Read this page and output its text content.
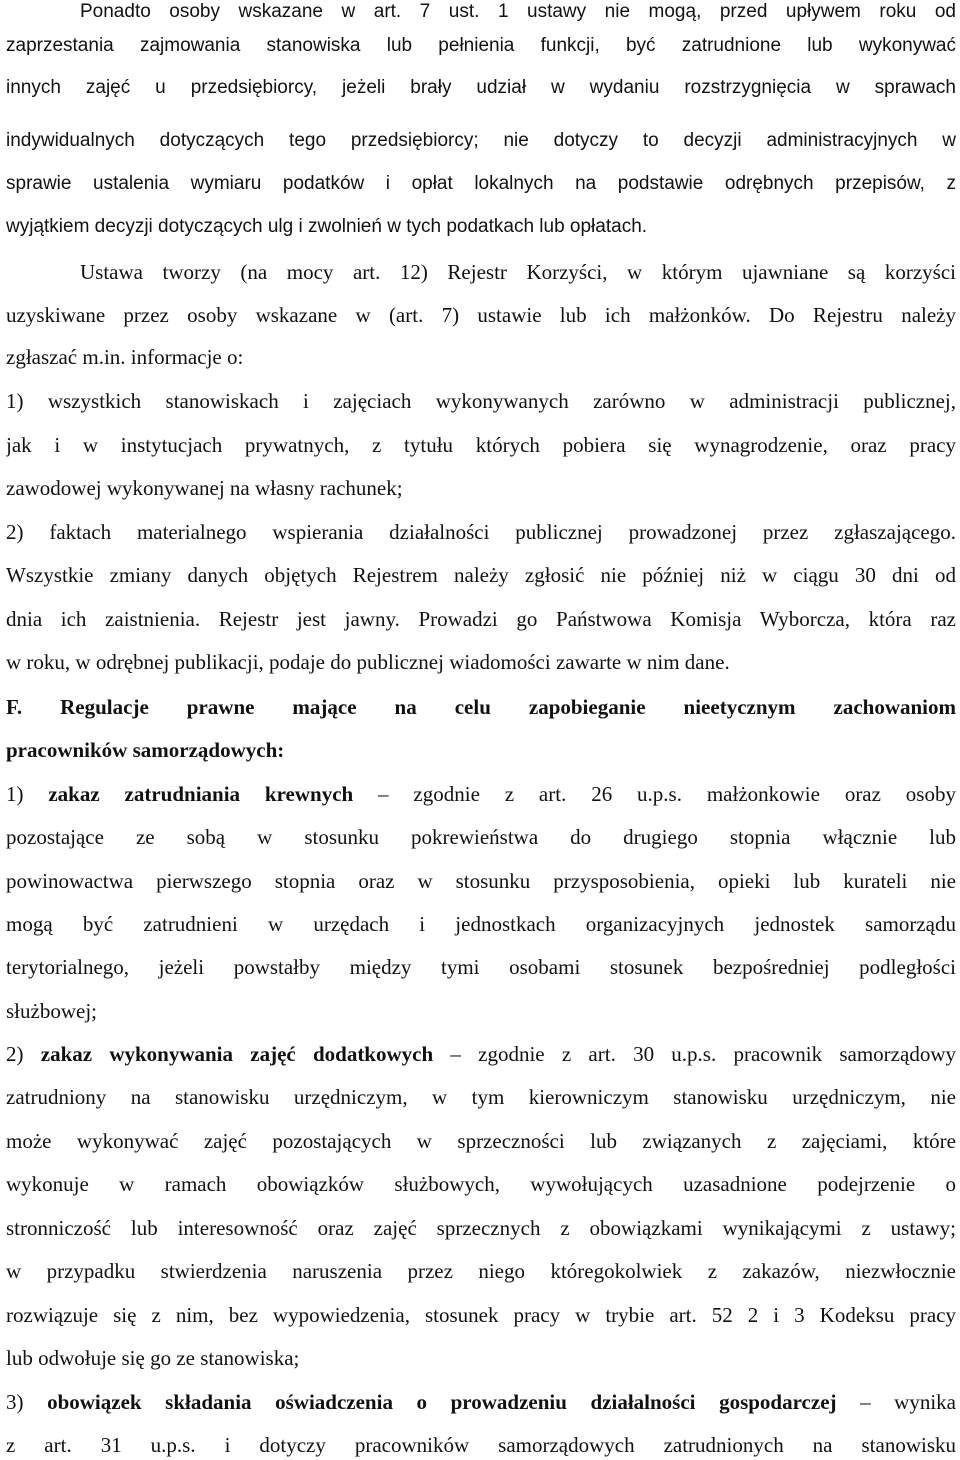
Ponadto osoby wskazane w art. 7 ust. 1 ustawy nie mogą, przed upływem roku od
zaprzestania zajmowania stanowiska lub pełnienia funkcji, być zatrudnione lub wykonywać
innych zajęć u przedsiębiorcy, jeżeli brały udział w wydaniu rozstrzygnięcia w sprawach
indywidualnych dotyczących tego przedsiębiorcy; nie dotyczy to decyzji administracyjnych w
sprawie ustalenia wymiaru podatków i opłat lokalnych na podstawie odrębnych przepisów, z
wyjątkiem decyzji dotyczących ulg i zwolnień w tych podatkach lub opłatach.
Ustawa tworzy (na mocy art. 12) Rejestr Korzyści, w którym ujawniane są korzyści
uzyskiwane przez osoby wskazane w (art. 7) ustawie lub ich małżonków. Do Rejestru należy
zgłaszać m.in. informacje o:
1) wszystkich stanowiskach i zajęciach wykonywanych zarówno w administracji publicznej,
jak i w instytucjach prywatnych, z tytułu których pobiera się wynagrodzenie, oraz pracy
zawodowej wykonywanej na własny rachunek;
2) faktach materialnego wspierania działalności publicznej prowadzonej przez zgłaszającego.
Wszystkie zmiany danych objętych Rejestrem należy zgłosić nie później niż w ciągu 30 dni od
dnia ich zaistnienia. Rejestr jest jawny. Prowadzi go Państwowa Komisja Wyborcza, która raz
w roku, w odrębnej publikacji, podaje do publicznej wiadomości zawarte w nim dane.
F. Regulacje prawne mające na celu zapobieganie nieetycznym zachowaniom
pracowników samorządowych:
1) zakaz zatrudniania krewnych – zgodnie z art. 26 u.p.s. małżonkowie oraz osoby
pozostające ze sobą w stosunku pokrewieństwa do drugiego stopnia włącznie lub
powinowactwa pierwszego stopnia oraz w stosunku przysposobienia, opieki lub kurateli nie
mogą być zatrudnieni w urzędach i jednostkach organizacyjnych jednostek samorządu
terytorialnego, jeżeli powstałby między tymi osobami stosunek bezpośredniej podległości
służbowej;
2) zakaz wykonywania zajęć dodatkowych – zgodnie z art. 30 u.p.s. pracownik samorządowy
zatrudniony na stanowisku urzędniczym, w tym kierowniczym stanowisku urzędniczym, nie
może wykonywać zajęć pozostających w sprzeczności lub związanych z zajęciami, które
wykonuje w ramach obowiązków służbowych, wywołujących uzasadnione podejrzenie o
stronniczość lub interesowność oraz zajęć sprzecznych z obowiązkami wynikającymi z ustawy;
w przypadku stwierdzenia naruszenia przez niego któregokolwiek z zakazów, niezwłocznie
rozwiązuje się z nim, bez wypowiedzenia, stosunek pracy w trybie art. 52 2 i 3 Kodeksu pracy
lub odwołuje się go ze stanowiska;
3) obowiązek składania oświadczenia o prowadzeniu działalności gospodarczej – wynika
z art. 31 u.p.s. i dotyczy pracowników samorządowych zatrudnionych na stanowisku
